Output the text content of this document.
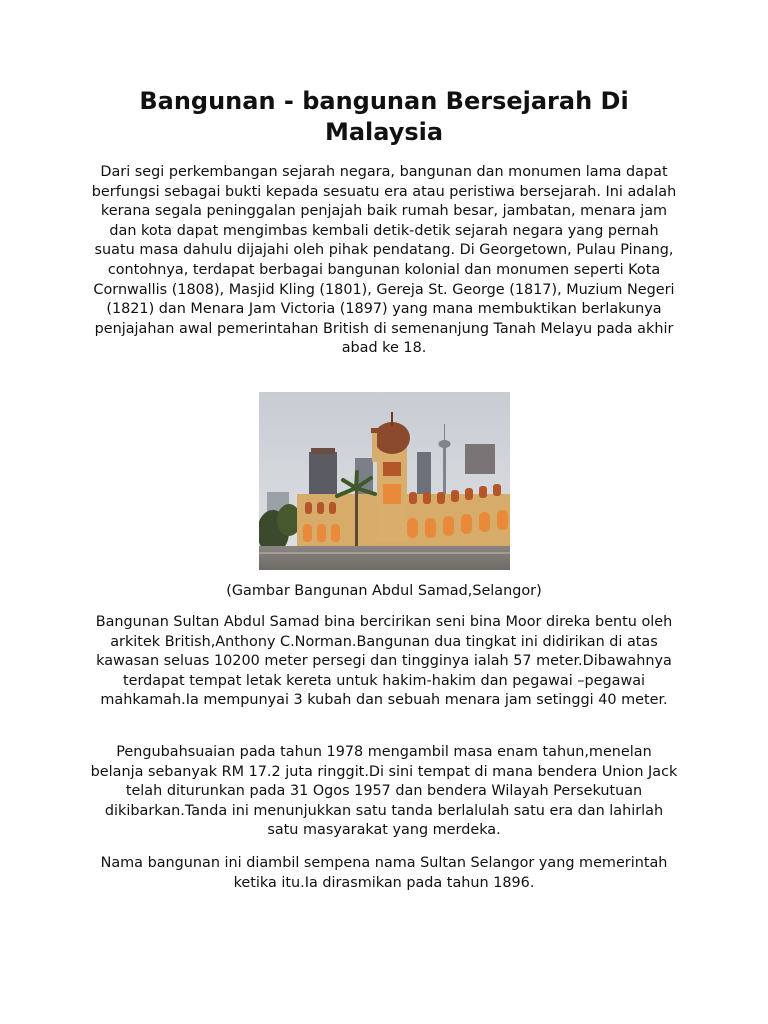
Bangunan - bangunan Bersejarah Di Malaysia

Dari segi perkembangan sejarah negara, bangunan dan monumen lama dapat berfungsi sebagai bukti kepada sesuatu era atau peristiwa bersejarah. Ini adalah kerana segala peninggalan penjajah baik rumah besar, jambatan, menara jam dan kota dapat mengimbas kembali detik-detik sejarah negara yang pernah suatu masa dahulu dijajahi oleh pihak pendatang. Di Georgetown, Pulau Pinang, contohnya, terdapat berbagai bangunan kolonial dan monumen seperti Kota Cornwallis (1808), Masjid Kling (1801), Gereja St. George (1817), Muzium Negeri (1821) dan Menara Jam Victoria (1897) yang mana membuktikan berlakunya penjajahan awal pemerintahan British di semenanjung Tanah Melayu pada akhir abad ke 18.

(Gambar Bangunan Abdul Samad,Selangor)

Bangunan Sultan Abdul Samad bina bercirikan seni bina Moor direka bentu oleh arkitek British,Anthony C.Norman.Bangunan dua tingkat ini didirikan di atas kawasan seluas 10200 meter persegi dan tingginya ialah 57 meter.Dibawahnya terdapat tempat letak kereta untuk hakim-hakim dan pegawai –pegawai mahkamah.Ia mempunyai 3 kubah dan sebuah menara jam setinggi 40 meter.

Pengubahsuaian pada tahun 1978 mengambil masa enam tahun,menelan belanja sebanyak RM 17.2 juta ringgit.Di sini tempat di mana bendera Union Jack telah diturunkan pada 31 Ogos 1957 dan bendera Wilayah Persekutuan dikibarkan.Tanda ini menunjukkan satu tanda berlalulah satu era dan lahirlah satu masyarakat yang merdeka.

Nama bangunan ini diambil sempena nama Sultan Selangor yang memerintah ketika itu.Ia dirasmikan pada tahun 1896.
